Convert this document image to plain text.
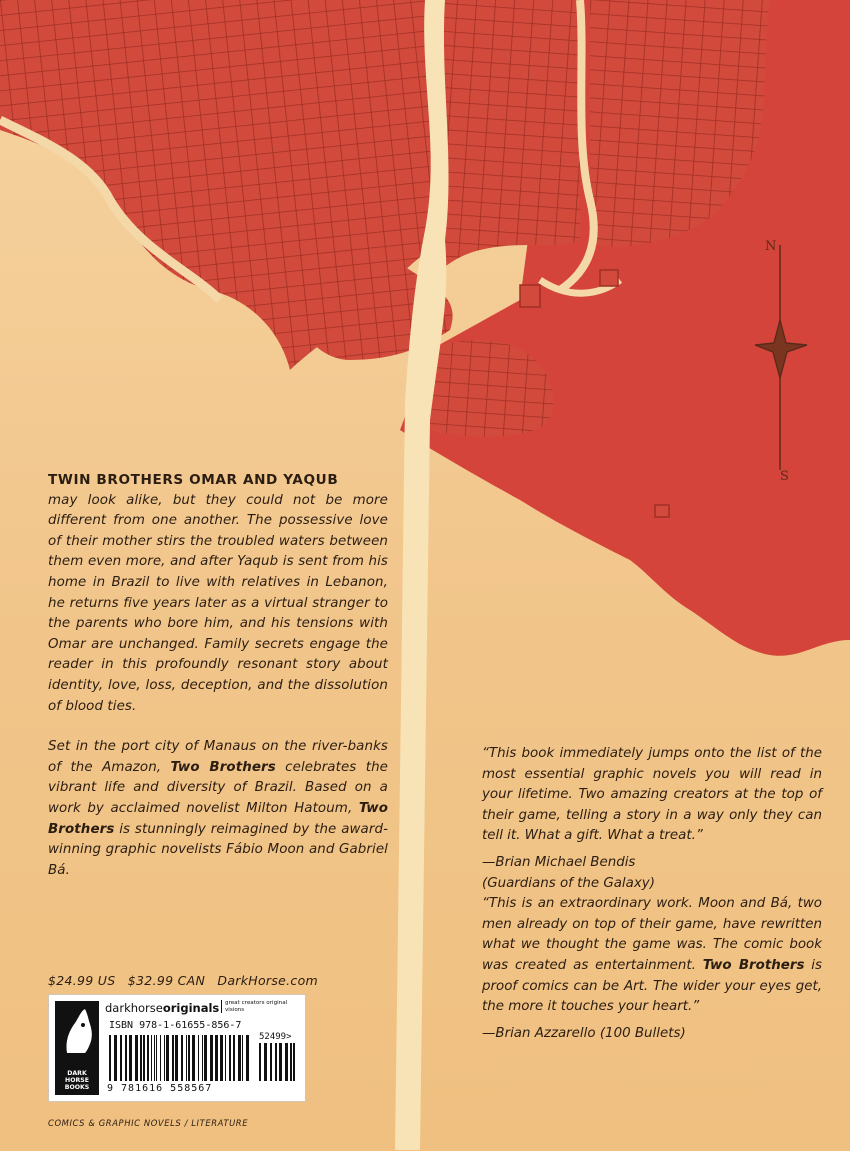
N
S
TWIN BROTHERS OMAR AND YAQUB

may look alike, but they could not be more different from one another. The possessive love of their mother stirs the troubled waters between them even more, and after Yaqub is sent from his home in Brazil to live with relatives in Lebanon, he returns five years later as a virtual stranger to the parents who bore him, and his tensions with Omar are unchanged. Family secrets engage the reader in this profoundly resonant story about identity, love, loss, deception, and the dissolution of blood ties.

Set in the port city of Manaus on the river-banks of the Amazon, Two Brothers celebrates the vibrant life and diversity of Brazil. Based on a work by acclaimed novelist Milton Hatoum, Two Brothers is stunningly reimagined by the award-winning graphic novelists Fábio Moon and Gabriel Bá.

“This book immediately jumps onto the list of the most essential graphic novels you will read in your lifetime. Two amazing creators at the top of their game, telling a story in a way only they can tell it. What a gift. What a treat.”

—Brian Michael Bendis

(Guardians of the Galaxy)

“This is an extraordinary work. Moon and Bá, two men already on top of their game, have rewritten what we thought the game was. The comic book was created as entertainment. Two Brothers is proof comics can be Art. The wider your eyes get, the more it touches your heart.”

—Brian Azzarello (100 Bullets)

$24.99 US $32.99 CAN DarkHorse.com
DARK HORSE BOOKS
darkhorseoriginals	great creators original visions
ISBN 978-1-61655-856-7
52499>
9 781616 558567
COMICS & GRAPHIC NOVELS / LITERATURE
